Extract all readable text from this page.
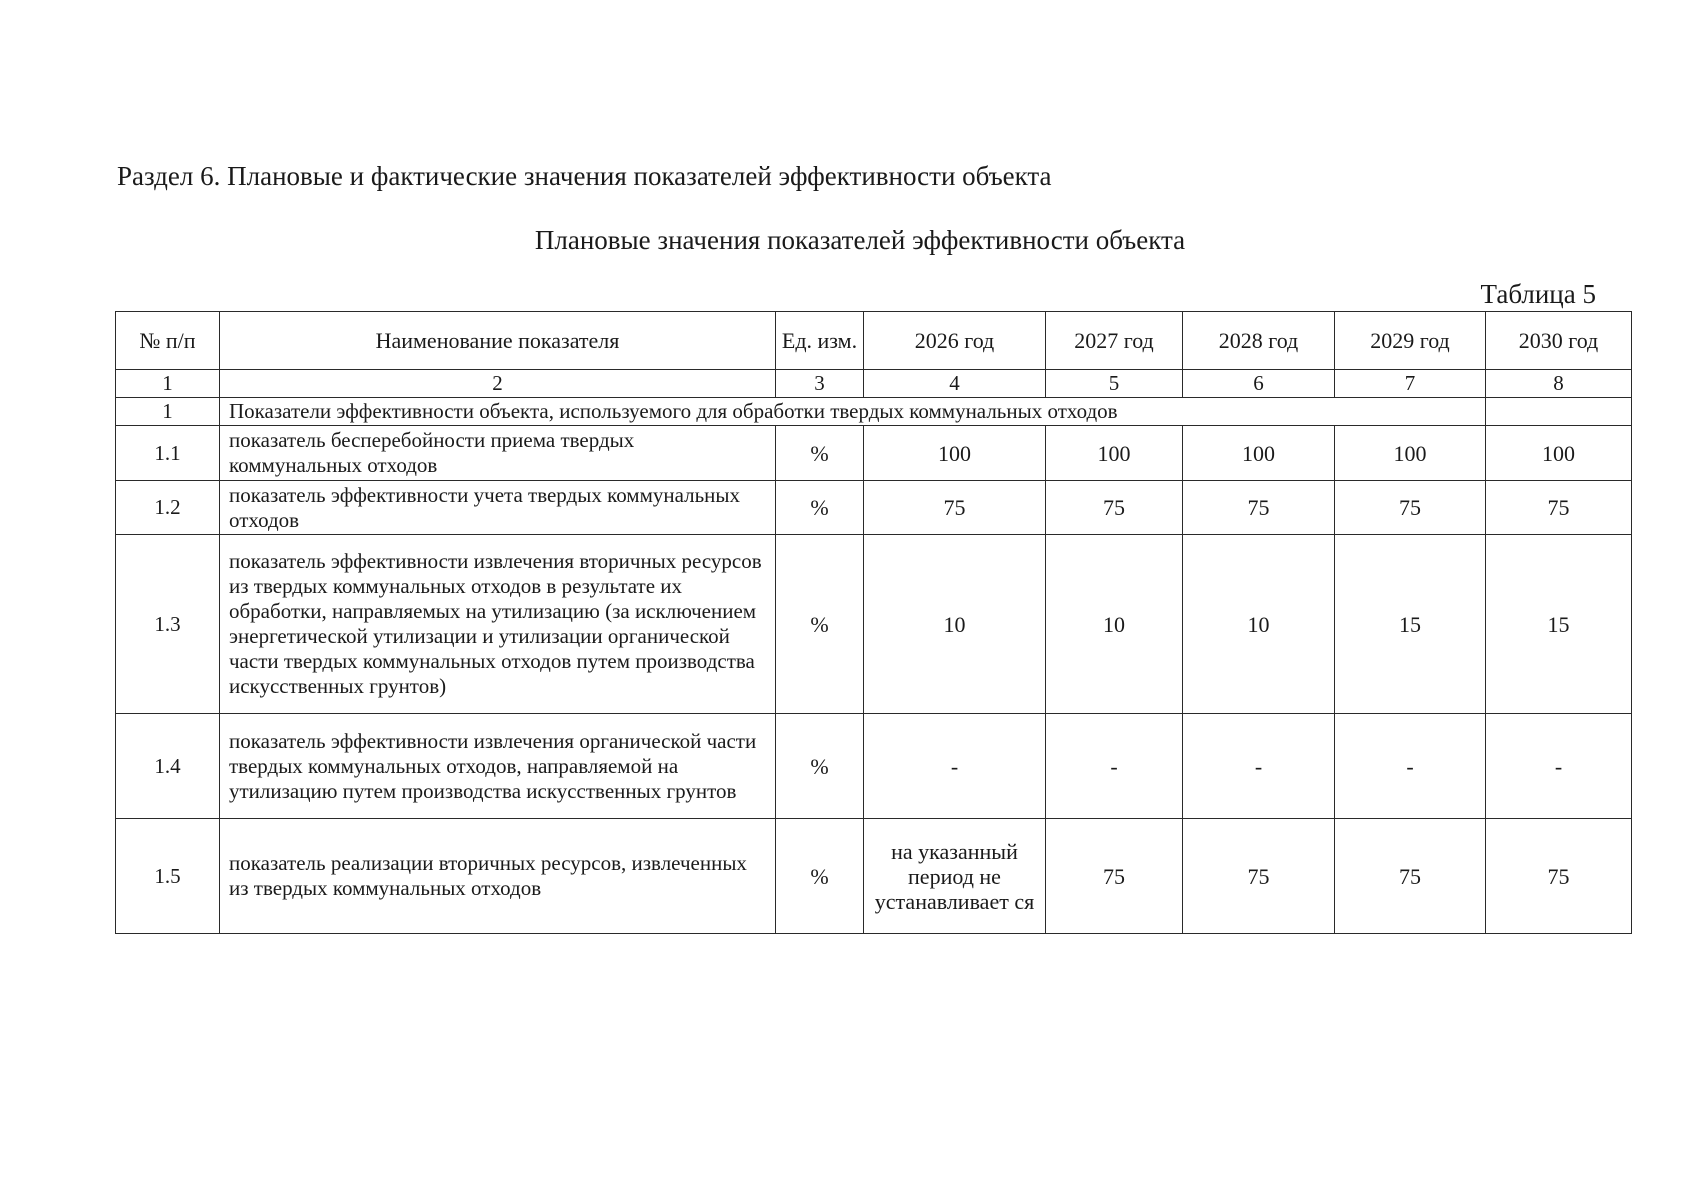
Раздел 6. Плановые и фактические значения показателей эффективности объекта
Плановые значения показателей эффективности объекта
Таблица 5
№ п/п	Наименование показателя	Ед. изм.	2026 год	2027 год	2028 год	2029 год	2030 год
1	2	3	4	5	6	7	8
1	Показатели эффективности объекта, используемого для обработки твердых коммунальных отходов						
1.1	показатель бесперебойности приема твердых коммунальных отходов	%	100	100	100	100	100
1.2	показатель эффективности учета твердых коммунальных отходов	%	75	75	75	75	75
1.3	показатель эффективности извлечения вторичных ресурсов из твердых коммунальных отходов в результате их обработки, направляемых на утилизацию (за исключением энергетической утилизации и утилизации органической части твердых коммунальных отходов путем производства искусственных грунтов)	%	10	10	10	15	15
1.4	показатель эффективности извлечения органической части твердых коммунальных отходов, направляемой на утилизацию путем производства искусственных грунтов	%	-	-	-	-	-
1.5	показатель реализации вторичных ресурсов, извлеченных из твердых коммунальных отходов	%	на указанный период не устанавливает ся	75	75	75	75
